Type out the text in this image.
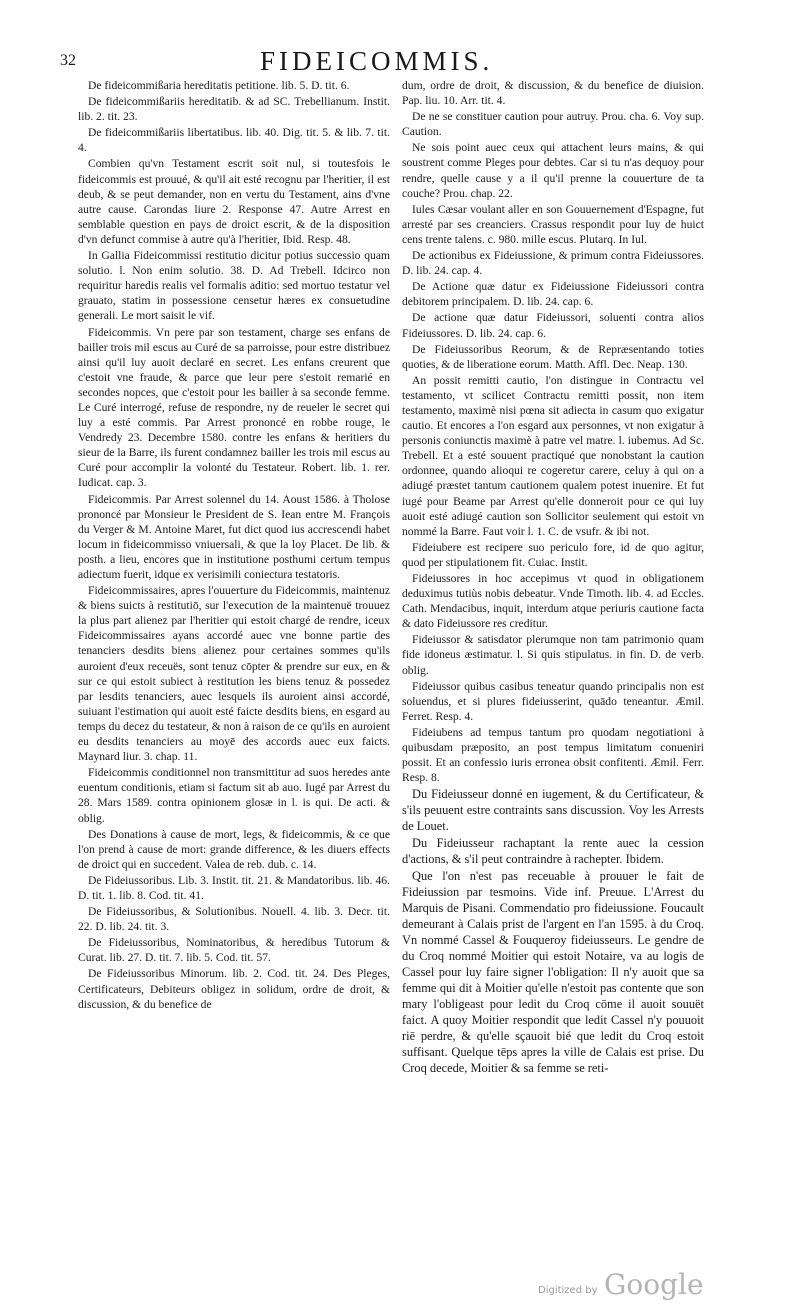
32	FIDEICOMMIS.

De fideicommißaria hereditatis petitione. lib. 5. D. tit. 6.

De fideicommißariis hereditatib. & ad SC. Trebellianum. Instit. lib. 2. tit. 23.

De fideicommißariis libertatibus. lib. 40. Dig. tit. 5. & lib. 7. tit. 4.

Combien qu'vn Testament escrit soit nul, si toutesfois le fideicommis est prouué, & qu'il ait esté recognu par l'heritier, il est deub, & se peut demander, non en vertu du Testament, ains d'vne autre cause. Carondas liure 2. Response 47. Autre Arrest en semblable question en pays de droict escrit, & de la disposition d'vn defunct commise à autre qu'à l'heritier, Ibid. Resp. 48.

In Gallia Fideicommissi restitutio dicitur potius successio quam solutio. l. Non enim solutio. 38. D. Ad Trebell. Idcirco non requiritur haredis realis vel formalis aditio: sed mortuo testatur vel grauato, statim in possessione censetur hæres ex consuetudine generali. Le mort saisit le vif.

Fideicommis. Vn pere par son testament, charge ses enfans de bailler trois mil escus au Curé de sa parroisse, pour estre distribuez ainsi qu'il luy auoit declaré en secret. Les enfans creurent que c'estoit vne fraude, & parce que leur pere s'estoit remarié en secondes nopces, que c'estoit pour les bailler à sa seconde femme. Le Curé interrogé, refuse de respondre, ny de reueler le secret qui luy a esté commis. Par Arrest prononcé en robbe rouge, le Vendredy 23. Decembre 1580. contre les enfans & heritiers du sieur de la Barre, ils furent condamnez bailler les trois mil escus au Curé pour accomplir la volonté du Testateur. Robert. lib. 1. rer. Iudicat. cap. 3.

Fideicommis. Par Arrest solennel du 14. Aoust 1586. à Tholose prononcé par Monsieur le President de S. Iean entre M. François du Verger & M. Antoine Maret, fut dict quod ius accrescendi habet locum in fideicommisso vniuersali, & que la loy Placet. De lib. & posth. a lieu, encores que in institutione posthumi certum tempus adiectum fuerit, idque ex verisimili coniectura testatoris.

Fideicommissaires, apres l'ouuerture du Fideicommis, maintenuz & biens suicts à restitutiō, sur l'execution de la maintenuë trouuez la plus part alienez par l'heritier qui estoit chargé de rendre, iceux Fideicommissaires ayans accordé auec vne bonne partie des tenanciers desdits biens alienez pour certaines sommes qu'ils auroient d'eux receuës, sont tenuz cōpter & prendre sur eux, en & sur ce qui estoit subiect à restitution les biens tenuz & possedez par lesdits tenanciers, auec lesquels ils auroient ainsi accordé, suiuant l'estimation qui auoit esté faicte desdits biens, en esgard au temps du decez du testateur, & non à raison de ce qu'ils en auroient eu desdits tenanciers au moyē des accords auec eux faicts. Maynard liur. 3. chap. 11.

Fideicommis conditionnel non transmittitur ad suos heredes ante euentum conditionis, etiam si factum sit ab auo. Iugé par Arrest du 28. Mars 1589. contra opinionem glosæ in l. is qui. De acti. & oblig.

Des Donations à cause de mort, legs, & fideicommis, & ce que l'on prend à cause de mort: grande difference, & les diuers effects de droict qui en succedent. Valea de reb. dub. c. 14.

De Fideiussoribus. Lib. 3. Instit. tit. 21. & Mandatoribus. lib. 46. D. tit. 1. lib. 8. Cod. tit. 41.

De Fideiussoribus, & Solutionibus. Nouell. 4. lib. 3. Decr. tit. 22. D. lib. 24. tit. 3.

De Fideiussoribus, Nominatoribus, & heredibus Tutorum & Curat. lib. 27. D. tit. 7. lib. 5. Cod. tit. 57.

De Fideiussoribus Minorum. lib. 2. Cod. tit. 24. Des Pleges, Certificateurs, Debiteurs obligez in solidum, ordre de droit, & discussion, & du benefice de

dum, ordre de droit, & discussion, & du benefice de diuision. Pap. liu. 10. Arr. tit. 4.

De ne se constituer caution pour autruy. Prou. cha. 6. Voy sup. Caution.

Ne sois point auec ceux qui attachent leurs mains, & qui soustrent comme Pleges pour debtes. Car si tu n'as dequoy pour rendre, quelle cause y a il qu'il prenne la couuerture de ta couche? Prou. chap. 22.

Iules Cæsar voulant aller en son Gouuernement d'Espagne, fut arresté par ses creanciers. Crassus respondit pour luy de huict cens trente talens. c. 980. mille escus. Plutarq. In Iul.

De actionibus ex Fideiussione, & primum contra Fideiussores. D. lib. 24. cap. 4.

De Actione quæ datur ex Fideiussione Fideiussori contra debitorem principalem. D. lib. 24. cap. 6.

De actione quæ datur Fideiussori, soluenti contra alios Fideiussores. D. lib. 24. cap. 6.

De Fideiussoribus Reorum, & de Repræsentando toties quoties, & de liberatione eorum. Matth. Affl. Dec. Neap. 130.

An possit remitti cautio, l'on distingue in Contractu vel testamento, vt scilicet Contractu remitti possit, non item testamento, maximè nisi pœna sit adiecta in casum quo exigatur cautio. Et encores a l'on esgard aux personnes, vt non exigatur à personis coniunctis maximè à patre vel matre. l. iubemus. Ad Sc. Trebell. Et a esté souuent practiqué que nonobstant la caution ordonnee, quando alioqui re cogeretur carere, celuy à qui on a adiugé præstet tantum cautionem qualem potest inuenire. Et fut iugé pour Beame par Arrest qu'elle donneroit pour ce qui luy auoit esté adiugé caution son Sollicitor seulement qui estoit vn nommé la Barre. Faut voir l. 1. C. de vsufr. & ibi not.

Fideiubere est recipere suo periculo fore, id de quo agitur, quod per stipulationem fit. Cuiac. Instit.

Fideiussores in hoc accepimus vt quod in obligationem deduximus tutiùs nobis debeatur. Vnde Timoth. lib. 4. ad Eccles. Cath. Mendacibus, inquit, interdum atque periuris cautione facta & dato Fideiussore res creditur.

Fideiussor & satisdator plerumque non tam patrimonio quam fide idoneus æstimatur. l. Si quis stipulatus. in fin. D. de verb. oblig.

Fideiussor quibus casibus teneatur quando principalis non est soluendus, et si plures fideiusserint, quādo teneantur. Æmil. Ferret. Resp. 4.

Fideiubens ad tempus tantum pro quodam negotiationi à quibusdam præposito, an post tempus limitatum conueniri possit. Et an confessio iuris erronea obsit confitenti. Æmil. Ferr. Resp. 8.

Du Fideiusseur donné en iugement, & du Certificateur, & s'ils peuuent estre contraints sans discussion. Voy les Arrests de Louet.

Du Fideiusseur rachaptant la rente auec la cession d'actions, & s'il peut contraindre à rachepter. Ibidem.

Que l'on n'est pas receuable à prouuer le fait de Fideiussion par tesmoins. Vide inf. Preuue. L'Arrest du Marquis de Pisani. Commendatio pro fideiussione. Foucault demeurant à Calais prist de l'argent en l'an 1595. à du Croq. Vn nommé Cassel & Fouqueroy fideiusseurs. Le gendre de du Croq nommé Moitier qui estoit Notaire, va au logis de Cassel pour luy faire signer l'obligation: Il n'y auoit que sa femme qui dit à Moitier qu'elle n'estoit pas contente que son mary l'obligeast pour ledit du Croq cōme il auoit souuët faict. A quoy Moitier respondit que ledit Cassel n'y pouuoit riē perdre, & qu'elle sçauoit bié que ledit du Croq estoit suffisant. Quelque tēps apres la ville de Calais est prise. Du Croq decede, Moitier & sa femme se reti-

Digitized by Google
